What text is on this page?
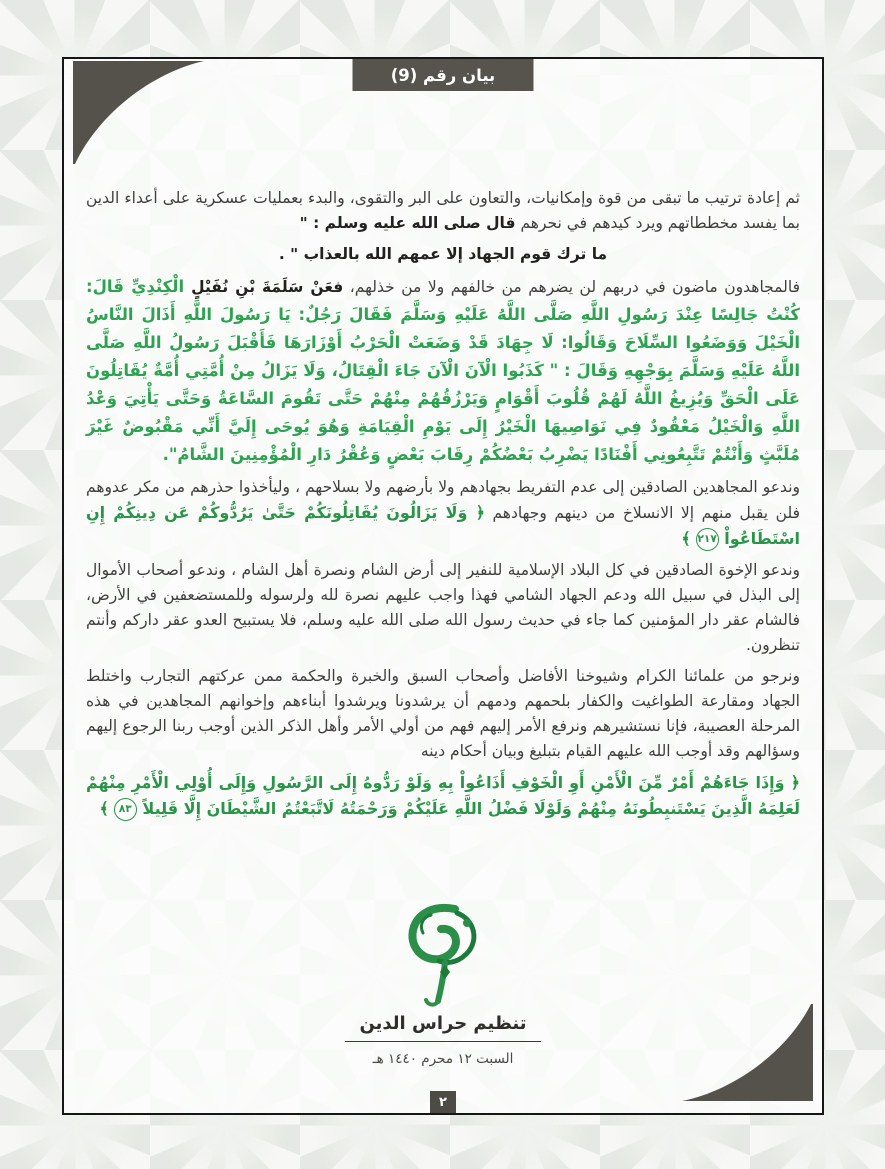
بيان رقم (9)

ثم إعادة ترتيب ما تبقى من قوة وإمكانيات، والتعاون على البر والتقوى، والبدء بعمليات عسكرية على أعداء الدين بما يفسد مخططاتهم ويرد كيدهم في نحرهم قال صلى الله عليه وسلم : "

ما ترك قوم الجهاد إلا عمهم الله بالعذاب " .

فالمجاهدون ماضون في دربهم لن يضرهم من خالفهم ولا من خذلهم، فعَنْ سَلَمَةَ بْنِ نُفَيْلٍ الْكِنْدِيِّ قَالَ: كُنْتُ جَالِسًا عِنْدَ رَسُولِ اللَّهِ صَلَّى اللَّهُ عَلَيْهِ وَسَلَّمَ فَقَالَ رَجُلٌ: يَا رَسُولَ اللَّهِ أَذَالَ النَّاسُ الْخَيْلَ وَوَضَعُوا السِّلَاحَ وَقَالُوا: لَا جِهَادَ قَدْ وَضَعَتْ الْحَرْبُ أَوْزَارَهَا فَأَقْبَلَ رَسُولُ اللَّهِ صَلَّى اللَّهُ عَلَيْهِ وَسَلَّمَ بِوَجْهِهِ وَقَالَ : " كَذَبُوا الْآنَ الْآنَ جَاءَ الْقِتَالُ، وَلَا يَزَالُ مِنْ أُمَّتِي أُمَّةٌ يُقَاتِلُونَ عَلَى الْحَقِّ وَيُزِيغُ اللَّهُ لَهُمْ قُلُوبَ أَقْوَامٍ وَيَرْزُقُهُمْ مِنْهُمْ حَتَّى تَقُومَ السَّاعَةُ وَحَتَّى يَأْتِيَ وَعْدُ اللَّهِ وَالْخَيْلُ مَعْقُودٌ فِي نَوَاصِيهَا الْخَيْرُ إِلَى يَوْمِ الْقِيَامَةِ وَهُوَ يُوحَى إِلَيَّ أَنِّي مَقْبُوضٌ غَيْرَ مُلَبَّثٍ وَأَنْتُمْ تَتَّبِعُونِي أَفْنَادًا يَضْرِبُ بَعْضُكُمْ رِقَابَ بَعْضٍ وَعُقْرُ دَارِ الْمُؤْمِنِينَ الشَّامُ".

وندعو المجاهدين الصادقين إلى عدم التفريط بجهادهم ولا بأرضهم ولا بسلاحهم ، وليأخذوا حذرهم من مكر عدوهم فلن يقبل منهم إلا الانسلاخ من دينهم وجهادهم ﴿ وَلَا يَزَالُونَ يُقَاتِلُونَكُمْ حَتَّىٰ يَرُدُّوكُمْ عَن دِينِكُمْ إِنِ اسْتَطَاعُواْ ٢١٧ ﴾

وندعو الإخوة الصادقين في كل البلاد الإسلامية للنفير إلى أرض الشام ونصرة أهل الشام ، وندعو أصحاب الأموال إلى البذل في سبيل الله ودعم الجهاد الشامي فهذا واجب عليهم نصرة لله ولرسوله وللمستضعفين في الأرض، فالشام عقر دار المؤمنين كما جاء في حديث رسول الله صلى الله عليه وسلم، فلا يستبيح العدو عقر داركم وأنتم تنظرون.

ونرجو من علمائنا الكرام وشيوخنا الأفاضل وأصحاب السبق والخبرة والحكمة ممن عركتهم التجارب واختلط الجهاد ومقارعة الطواغيت والكفار بلحمهم ودمهم أن يرشدونا ويرشدوا أبناءهم وإخوانهم المجاهدين في هذه المرحلة العصيبة، فإنا نستشيرهم ونرفع الأمر إليهم فهم من أولي الأمر وأهل الذكر الذين أوجب ربنا الرجوع إليهم وسؤالهم وقد أوجب الله عليهم القيام بتبليغ وبيان أحكام دينه

﴿ وَإِذَا جَاءَهُمْ أَمْرٌ مِّنَ الْأَمْنِ أَوِ الْخَوْفِ أَذَاعُواْ بِهِ وَلَوْ رَدُّوهُ إِلَى الرَّسُولِ وَإِلَى أُوْلِي الْأَمْرِ مِنْهُمْ لَعَلِمَهُ الَّذِينَ يَسْتَنبِطُونَهُ مِنْهُمْ وَلَوْلَا فَضْلُ اللَّهِ عَلَيْكُمْ وَرَحْمَتُهُ لَاتَّبَعْتُمُ الشَّيْطَانَ إِلَّا قَلِيلاً ٨٣ ﴾

تنظيم حراس الدين
السبت ١٢ محرم ١٤٤٠ هـ
٢
